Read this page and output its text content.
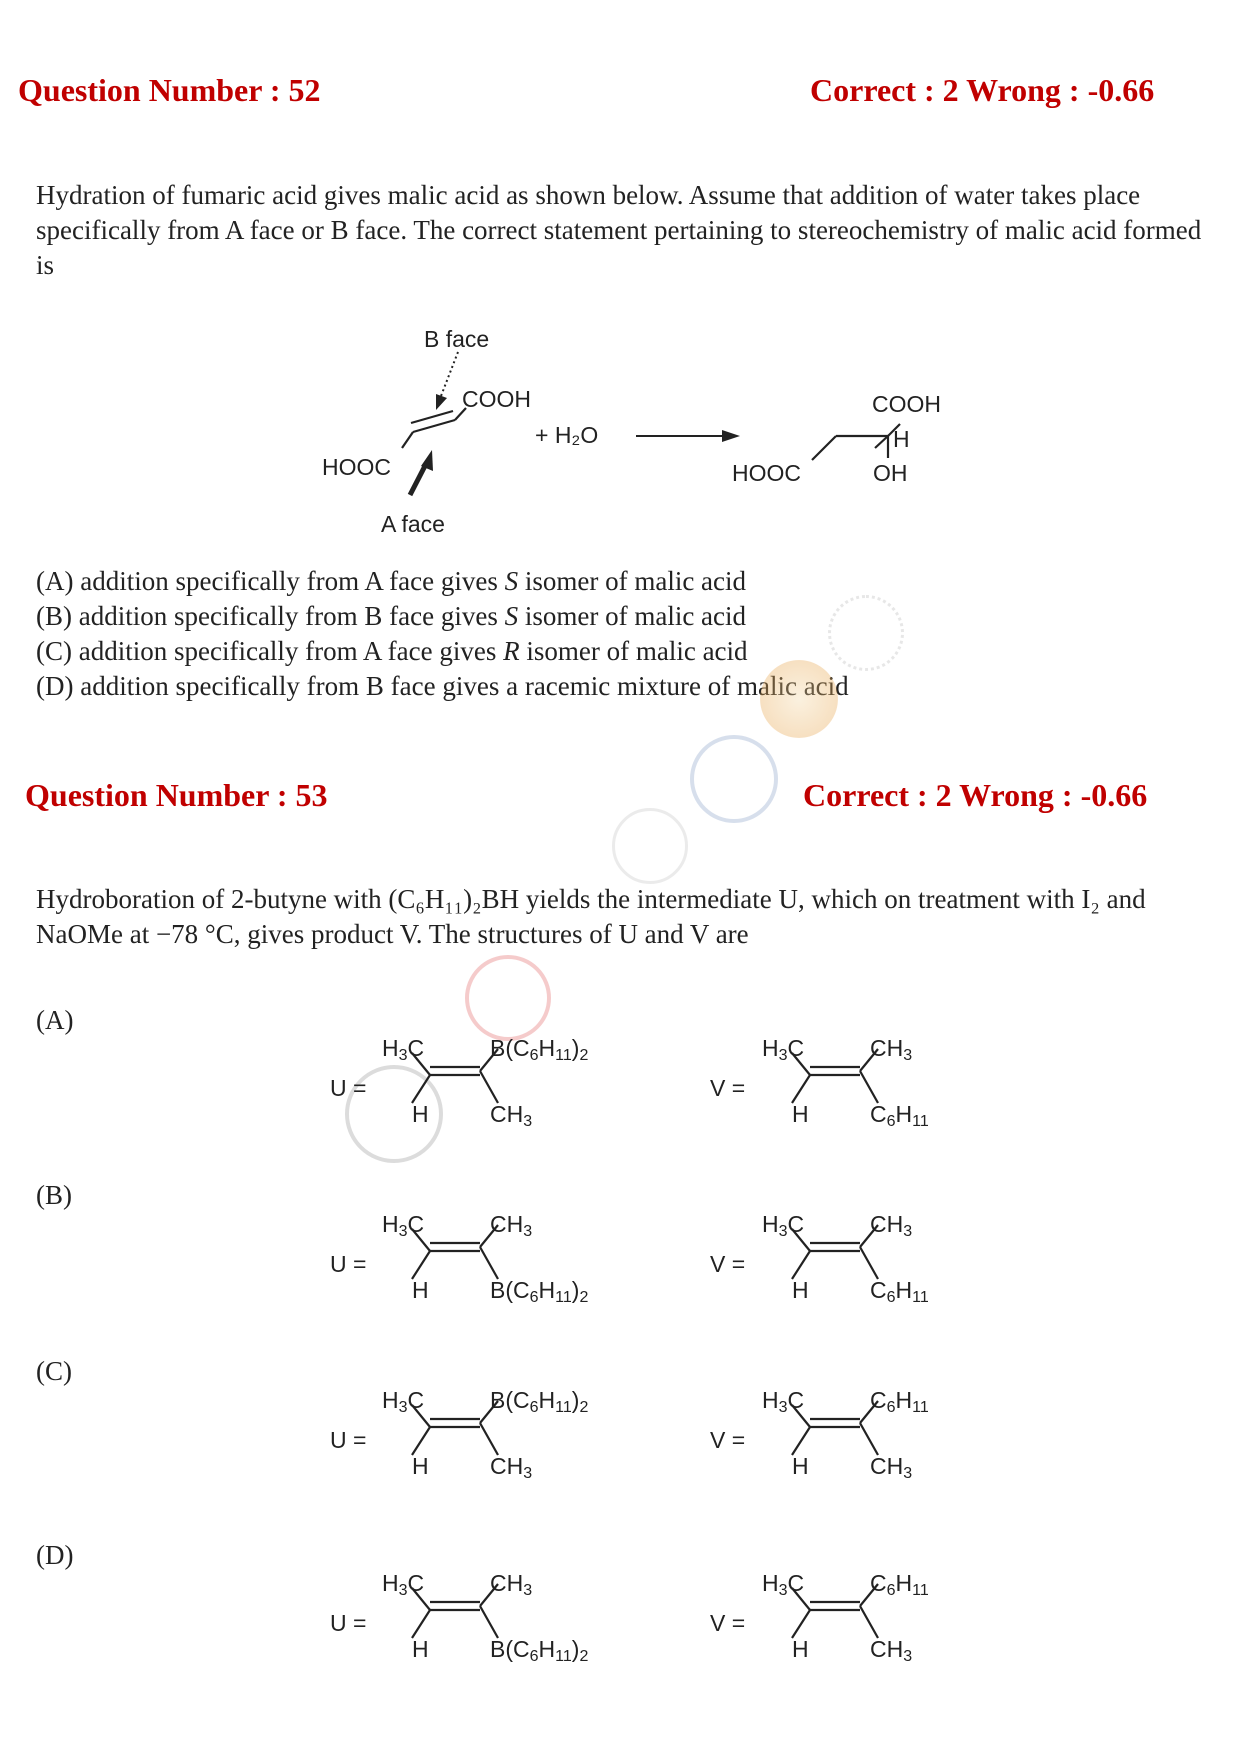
Question Number : 52	Correct : 2 Wrong : -0.66
Hydration of fumaric acid gives malic acid as shown below. Assume that addition of water takes place specifically from A face or B face. The correct statement pertaining to stereochemistry of malic acid formed is
B face
COOH
HOOC
A face
+ H₂O
COOH
H
HOOC	OH
(A) addition specifically from A face gives S isomer of malic acid
(B) addition specifically from B face gives S isomer of malic acid
(C) addition specifically from A face gives R isomer of malic acid
(D) addition specifically from B face gives a racemic mixture of malic acid
Question Number : 53	Correct : 2 Wrong : -0.66
Hydroboration of 2-butyne with (C₆H₁₁)₂BH yields the intermediate U, which on treatment with I₂ and NaOMe at −78 °C, gives product V. The structures of U and V are
(A)
U =
$H_3C$	$B(C_6H_{11})_2$
H	$CH_3$
V =
$H_3C$	$CH_3$
H	$C_6H_{11}$
(B)
U =
$H_3C$	$CH_3$
H	$B(C_6H_{11})_2$
V =
$H_3C$	$CH_3$
H	$C_6H_{11}$
(C)
U =
$H_3C$	$B(C_6H_{11})_2$
H	$CH_3$
V =
$H_3C$	$C_6H_{11}$
H	$CH_3$
(D)
U =
$H_3C$	$CH_3$
H	$B(C_6H_{11})_2$
V =
$H_3C$	$C_6H_{11}$
H	$CH_3$
